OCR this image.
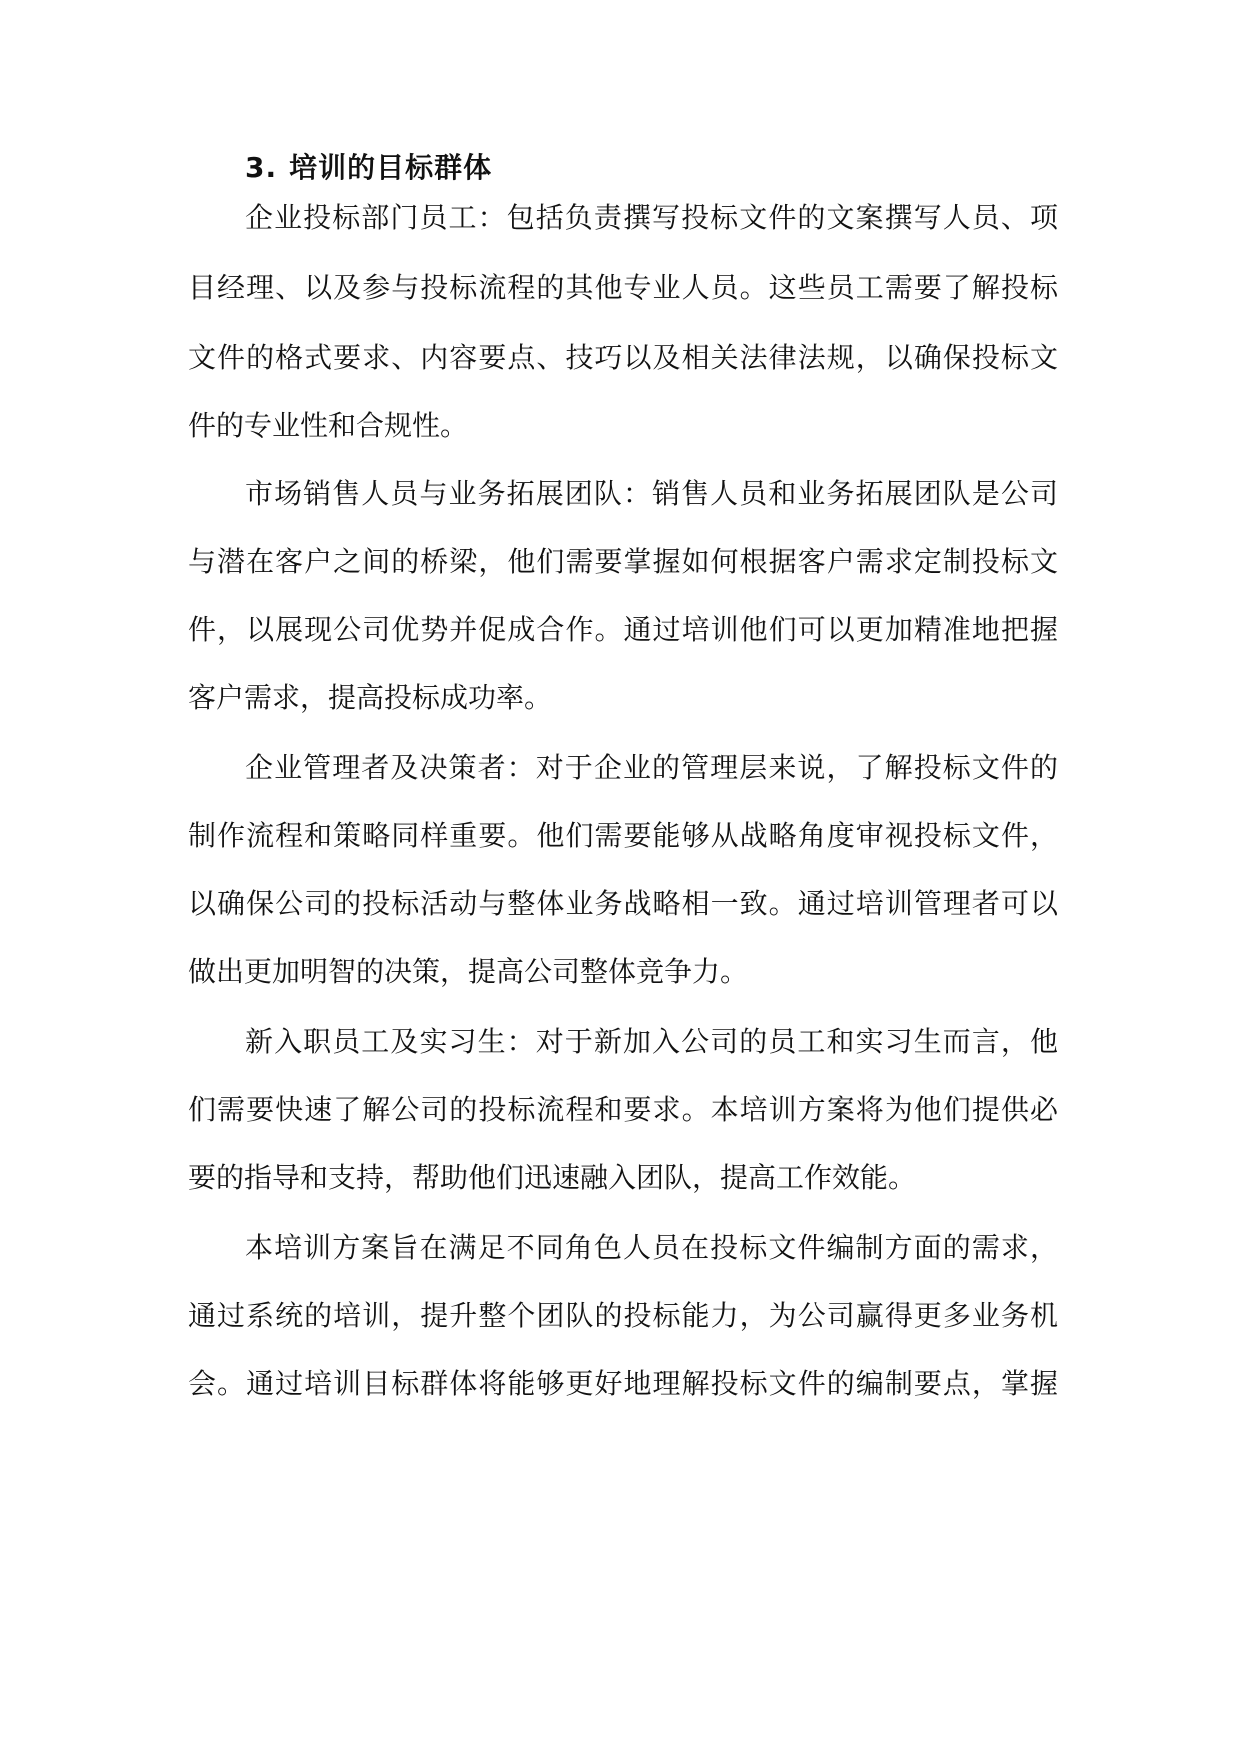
3. 培训的目标群体
企业投标部门员工：包括负责撰写投标文件的文案撰写人员、项
目经理、以及参与投标流程的其他专业人员。这些员工需要了解投标
文件的格式要求、内容要点、技巧以及相关法律法规，以确保投标文
件的专业性和合规性。
市场销售人员与业务拓展团队：销售人员和业务拓展团队是公司
与潜在客户之间的桥梁，他们需要掌握如何根据客户需求定制投标文
件，以展现公司优势并促成合作。通过培训他们可以更加精准地把握
客户需求，提高投标成功率。
企业管理者及决策者：对于企业的管理层来说，了解投标文件的
制作流程和策略同样重要。他们需要能够从战略角度审视投标文件，
以确保公司的投标活动与整体业务战略相一致。通过培训管理者可以
做出更加明智的决策，提高公司整体竞争力。
新入职员工及实习生：对于新加入公司的员工和实习生而言，他
们需要快速了解公司的投标流程和要求。本培训方案将为他们提供必
要的指导和支持，帮助他们迅速融入团队，提高工作效能。
本培训方案旨在满足不同角色人员在投标文件编制方面的需求，
通过系统的培训，提升整个团队的投标能力，为公司赢得更多业务机
会。通过培训目标群体将能够更好地理解投标文件的编制要点，掌握
